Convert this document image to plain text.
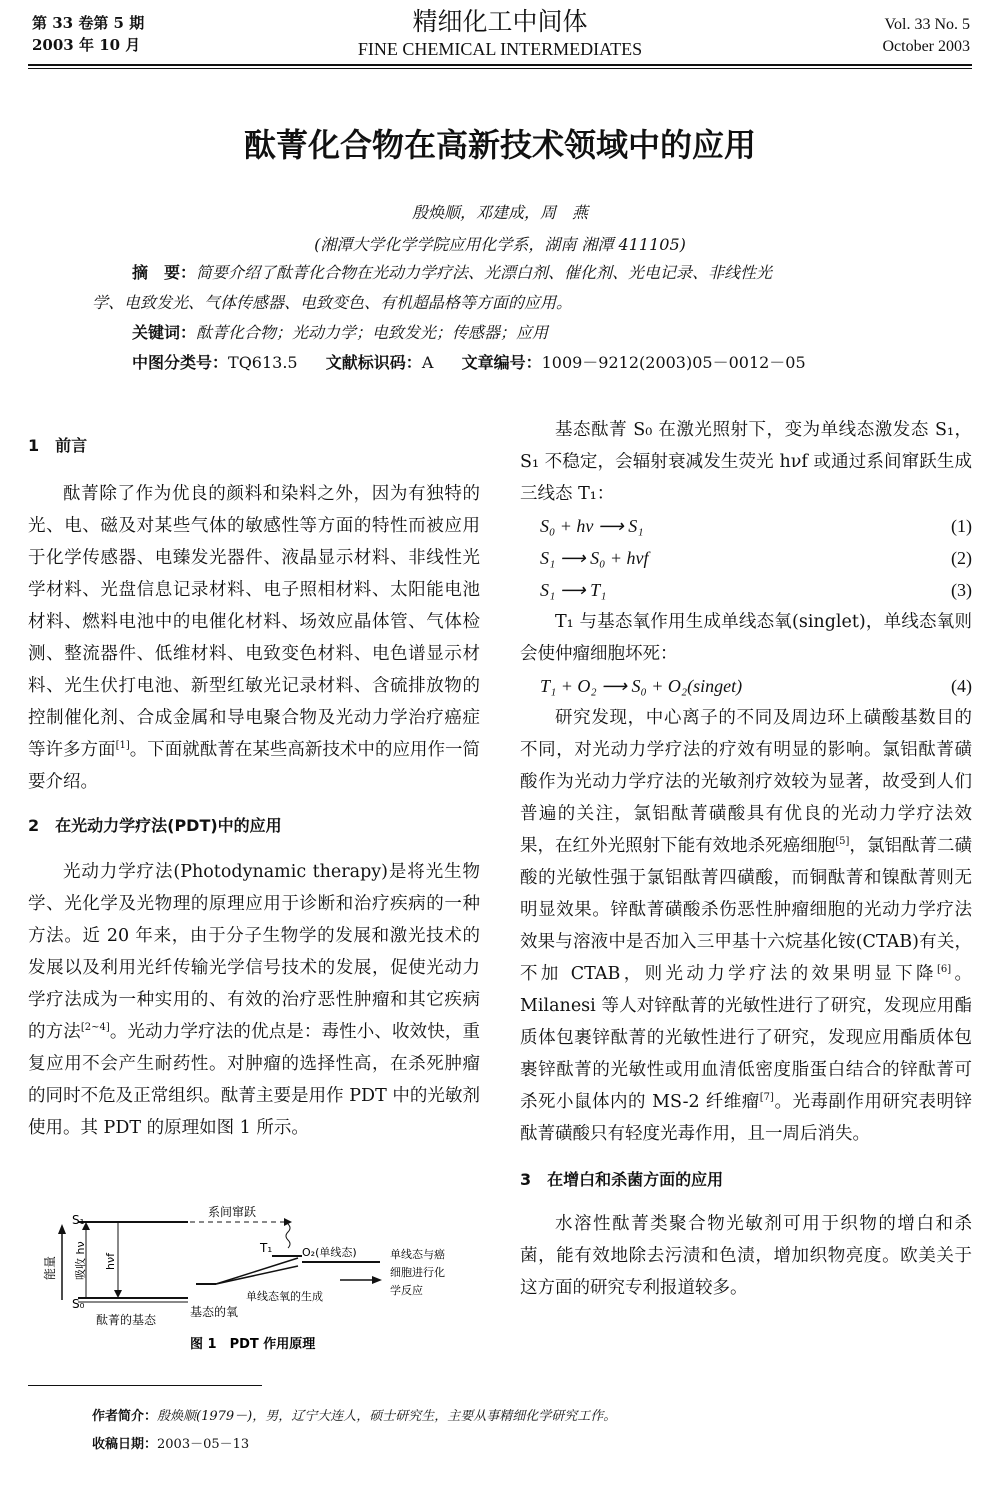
第 33 卷第 5 期
2003 年 10 月
精细化工中间体
FINE CHEMICAL INTERMEDIATES
Vol. 33 No. 5
October 2003
酞菁化合物在高新技术领域中的应用
殷焕顺，邓建成，周　燕
(湘潭大学化学学院应用化学系，湖南 湘潭 411105)
摘　要：简要介绍了酞菁化合物在光动力学疗法、光漂白剂、催化剂、光电记录、非线性光
学、电致发光、气体传感器、电致变色、有机超晶格等方面的应用。
关键词：酞菁化合物；光动力学；电致发光；传感器；应用
中图分类号：TQ613.5 文献标识码：A 文章编号：1009－9212(2003)05－0012－05
1　前言

酞菁除了作为优良的颜料和染料之外，因为有独特的光、电、磁及对某些气体的敏感性等方面的特性而被应用于化学传感器、电臻发光器件、液晶显示材料、非线性光学材料、光盘信息记录材料、电子照相材料、太阳能电池材料、燃料电池中的电催化材料、场效应晶体管、气体检测、整流器件、低维材料、电致变色材料、电色谱显示材料、光生伏打电池、新型红敏光记录材料、含硫排放物的控制催化剂、合成金属和导电聚合物及光动力学治疗癌症等许多方面[1]。下面就酞菁在某些高新技术中的应用作一简要介绍。

2　在光动力学疗法(PDT)中的应用

光动力学疗法(Photodynamic therapy)是将光生物学、光化学及光物理的原理应用于诊断和治疗疾病的一种方法。近 20 年来，由于分子生物学的发展和激光技术的发展以及利用光纤传输光学信号技术的发展，促使光动力学疗法成为一种实用的、有效的治疗恶性肿瘤和其它疾病的方法[2~4]。光动力学疗法的优点是：毒性小、收效快，重复应用不会产生耐药性。对肿瘤的选择性高，在杀死肿瘤的同时不危及正常组织。酞菁主要是用作 PDT 中的光敏剂使用。其 PDT 的原理如图 1 所示。

能量
S₁
S₀
吸收 hν hνf
系间窜跃
T₁	O₂(单线态)	单线态与癌
细胞进行化
学反应
单线态氧的生成
酞菁的基态
基态的氧
图 1　PDT 作用原理

基态酞菁 S₀ 在激光照射下，变为单线态激发态 S₁，S₁ 不稳定，会辐射衰减发生荧光 hνf 或通过系间窜跃生成三线态 T₁：

S₀ + hν ⟶ S₁	(1)
S₁ ⟶ S₀ + hνf	(2)
S₁ ⟶ T₁	(3)

T₁ 与基态氧作用生成单线态氧(singlet)，单线态氧则会使仲瘤细胞坏死：

T₁ + O₂ ⟶ S₀ + O₂(singet)	(4)

研究发现，中心离子的不同及周边环上磺酸基数目的不同，对光动力学疗法的疗效有明显的影响。氯铝酞菁磺酸作为光动力学疗法的光敏剂疗效较为显著，故受到人们普遍的关注，氯铝酞菁磺酸具有优良的光动力学疗法效果，在红外光照射下能有效地杀死癌细胞[5]，氯铝酞菁二磺酸的光敏性强于氯铝酞菁四磺酸，而铜酞菁和镍酞菁则无明显效果。锌酞菁磺酸杀伤恶性肿瘤细胞的光动力学疗法效果与溶液中是否加入三甲基十六烷基化铵(CTAB)有关，不加 CTAB，则光动力学疗法的效果明显下降[6]。Milanesi 等人对锌酞菁的光敏性进行了研究，发现应用酯质体包裹锌酞菁的光敏性进行了研究，发现应用酯质体包裹锌酞菁的光敏性或用血清低密度脂蛋白结合的锌酞菁可杀死小鼠体内的 MS-2 纤维瘤[7]。光毒副作用研究表明锌酞菁磺酸只有轻度光毒作用，且一周后消失。

3　在增白和杀菌方面的应用

水溶性酞菁类聚合物光敏剂可用于织物的增白和杀菌，能有效地除去污渍和色渍，增加织物亮度。欧美关于这方面的研究专利报道较多。

作者简介：殷焕顺(1979－)，男，辽宁大连人，硕士研究生，主要从事精细化学研究工作。
收稿日期：2003－05－13
